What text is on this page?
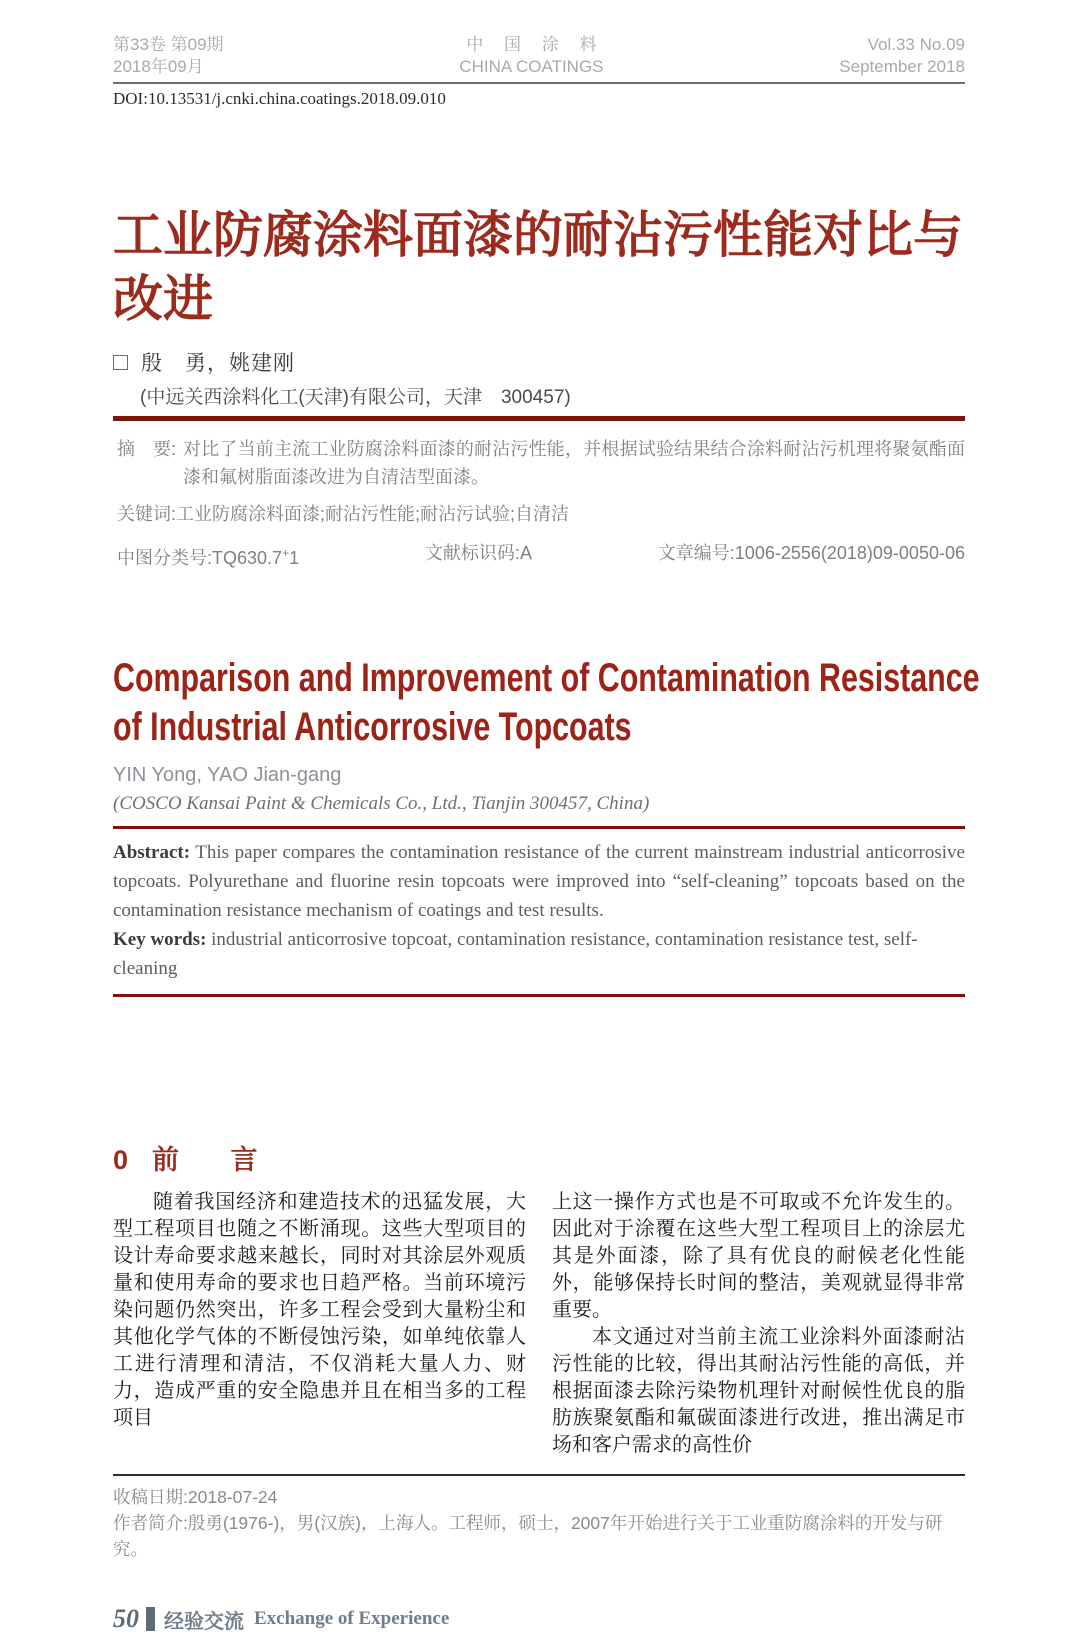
第33卷 第09期
2018年09月
中 国 涂 料
CHINA COATINGS
Vol.33 No.09
September 2018
DOI:10.13531/j.cnki.china.coatings.2018.09.010
工业防腐涂料面漆的耐沾污性能对比与
改进
殷　勇，姚建刚
(中远关西涂料化工(天津)有限公司，天津　300457)
摘　要: 对比了当前主流工业防腐涂料面漆的耐沾污性能，并根据试验结果结合涂料耐沾污机理将聚氨酯面漆和氟树脂面漆改进为自清洁型面漆。
关键词:工业防腐涂料面漆;耐沾污性能;耐沾污试验;自清洁
中图分类号:TQ630.7+1	文献标识码:A	文章编号:1006-2556(2018)09-0050-06
Comparison and Improvement of Contamination Resistance
of Industrial Anticorrosive Topcoats
YIN Yong, YAO Jian-gang
(COSCO Kansai Paint & Chemicals Co., Ltd., Tianjin 300457, China)

Abstract: This paper compares the contamination resistance of the current mainstream industrial anticorrosive topcoats. Polyurethane and fluorine resin topcoats were improved into “self-cleaning” topcoats based on the contamination resistance mechanism of coatings and test results.

Key words: industrial anticorrosive topcoat, contamination resistance, contamination resistance test, self-cleaning

0 前 言

随着我国经济和建造技术的迅猛发展，大型工程项目也随之不断涌现。这些大型项目的设计寿命要求越来越长，同时对其涂层外观质量和使用寿命的要求也日趋严格。当前环境污染问题仍然突出，许多工程会受到大量粉尘和其他化学气体的不断侵蚀污染，如单纯依靠人工进行清理和清洁，不仅消耗大量人力、财力，造成严重的安全隐患并且在相当多的工程项目

上这一操作方式也是不可取或不允许发生的。因此对于涂覆在这些大型工程项目上的涂层尤其是外面漆，除了具有优良的耐候老化性能外，能够保持长时间的整洁，美观就显得非常重要。

本文通过对当前主流工业涂料外面漆耐沾污性能的比较，得出其耐沾污性能的高低，并根据面漆去除污染物机理针对耐候性优良的脂肪族聚氨酯和氟碳面漆进行改进，推出满足市场和客户需求的高性价

收稿日期:2018-07-24
作者简介:殷勇(1976-)，男(汉族)，上海人。工程师，硕士，2007年开始进行关于工业重防腐涂料的开发与研究。
50 经验交流 Exchange of Experience
